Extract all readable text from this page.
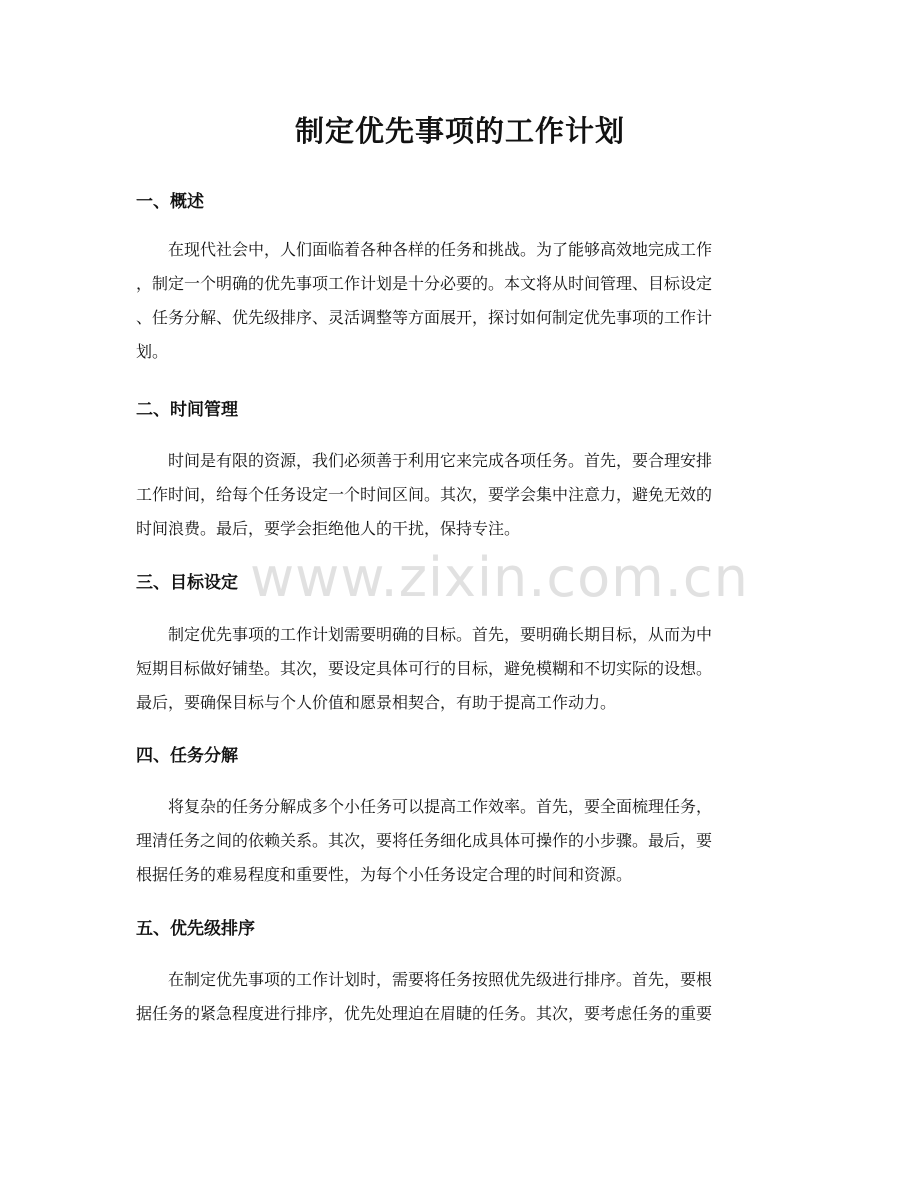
制定优先事项的工作计划
一、概述
　　在现代社会中，人们面临着各种各样的任务和挑战。为了能够高效地完成工作
，制定一个明确的优先事项工作计划是十分必要的。本文将从时间管理、目标设定
、任务分解、优先级排序、灵活调整等方面展开，探讨如何制定优先事项的工作计
划。
二、时间管理
　　时间是有限的资源，我们必须善于利用它来完成各项任务。首先，要合理安排
工作时间，给每个任务设定一个时间区间。其次，要学会集中注意力，避免无效的
时间浪费。最后，要学会拒绝他人的干扰，保持专注。
三、目标设定
　　制定优先事项的工作计划需要明确的目标。首先，要明确长期目标，从而为中
短期目标做好铺垫。其次，要设定具体可行的目标，避免模糊和不切实际的设想。
最后，要确保目标与个人价值和愿景相契合，有助于提高工作动力。
四、任务分解
　　将复杂的任务分解成多个小任务可以提高工作效率。首先，要全面梳理任务，
理清任务之间的依赖关系。其次，要将任务细化成具体可操作的小步骤。最后，要
根据任务的难易程度和重要性，为每个小任务设定合理的时间和资源。
五、优先级排序
　　在制定优先事项的工作计划时，需要将任务按照优先级进行排序。首先，要根
据任务的紧急程度进行排序，优先处理迫在眉睫的任务。其次，要考虑任务的重要
www.zixin.com.cn
